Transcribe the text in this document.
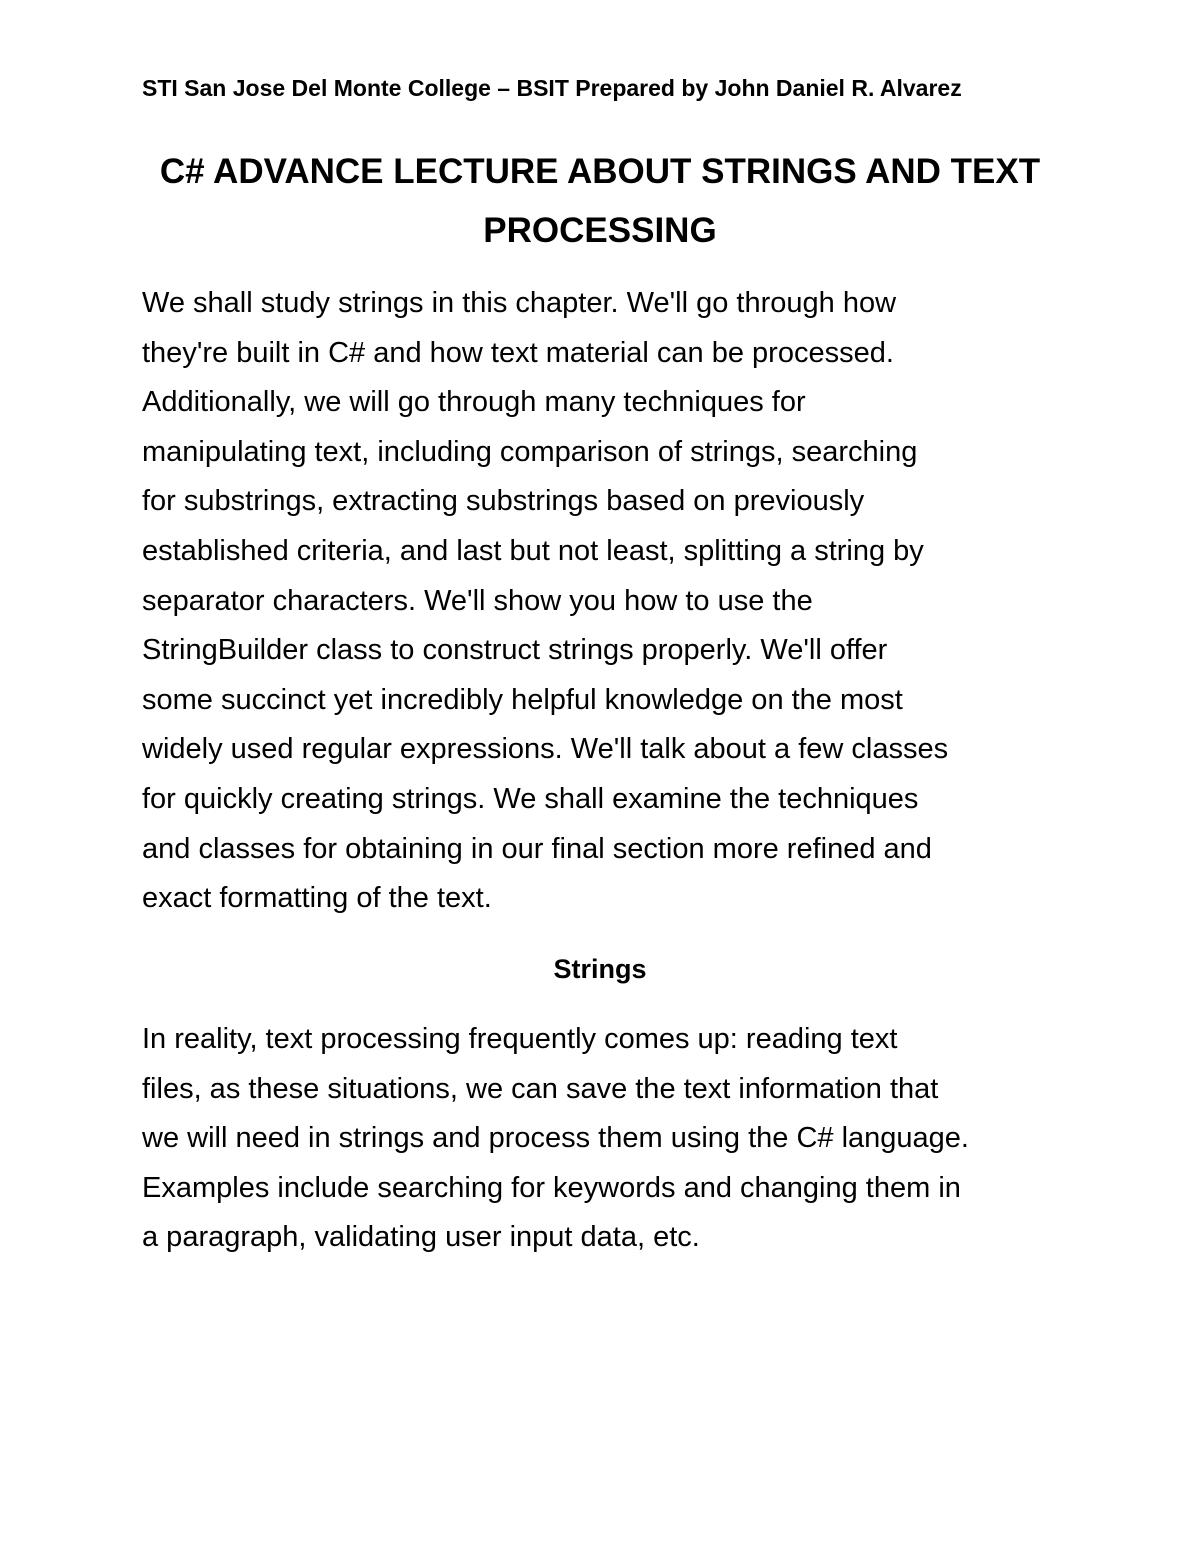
STI San Jose Del Monte College – BSIT Prepared by John Daniel R. Alvarez
C# ADVANCE LECTURE ABOUT STRINGS AND TEXT
PROCESSING

We shall study strings in this chapter. We'll go through how
they're built in C# and how text material can be processed.
Additionally, we will go through many techniques for
manipulating text, including comparison of strings, searching
for substrings, extracting substrings based on previously
established criteria, and last but not least, splitting a string by
separator characters. We'll show you how to use the
StringBuilder class to construct strings properly. We'll offer
some succinct yet incredibly helpful knowledge on the most
widely used regular expressions. We'll talk about a few classes
for quickly creating strings. We shall examine the techniques
and classes for obtaining in our final section more refined and
exact formatting of the text.

Strings

In reality, text processing frequently comes up: reading text
files, as these situations, we can save the text information that
we will need in strings and process them using the C# language.
Examples include searching for keywords and changing them in
a paragraph, validating user input data, etc.
